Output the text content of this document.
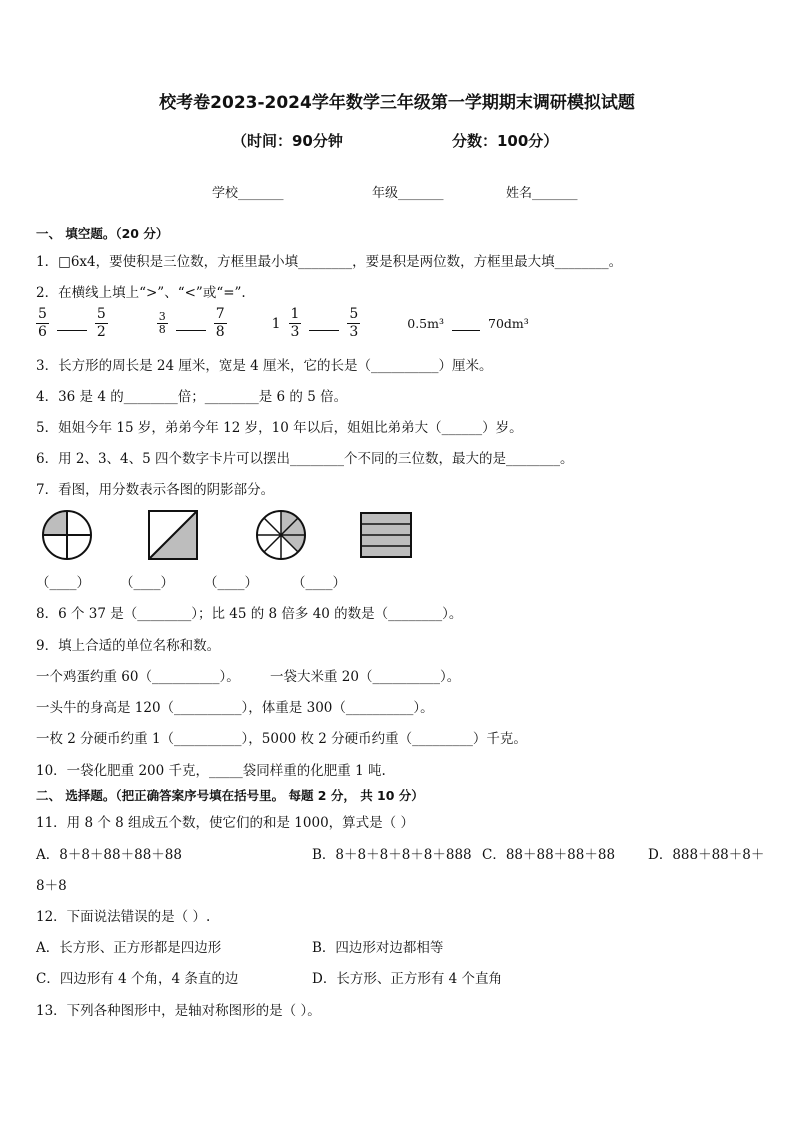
校考卷2023-2024学年数学三年级第一学期期末调研模拟试题
（时间：90分钟	分数：100分）
学校_______	年级_______	姓名_______
一、 填空题。（20 分）
1．□6x4，要使积是三位数，方框里最小填________，要是积是两位数，方框里最大填________。
2．在横线上填上“>”、“<”或“=”.
$\frac{5}{6}$	$\frac{5}{2}$
	$\frac{3}{8}$	$\frac{7}{8}$	$1 \frac{1}{3}$	$\frac{5}{3}$	0.5m³	70dm³
3．长方形的周长是 24 厘米，宽是 4 厘米，它的长是（__________）厘米。
4．36 是 4 的________倍；________是 6 的 5 倍。
5．姐姐今年 15 岁，弟弟今年 12 岁，10 年以后，姐姐比弟弟大（______）岁。
6．用 2、3、4、5 四个数字卡片可以摆出________个不同的三位数，最大的是________。
7．看图，用分数表示各图的阴影部分。
（____） （____） （____）	（____）
8．6 个 37 是（________）；比 45 的 8 倍多 40 的数是（________）。
9．填上合适的单位名称和数。
一个鸡蛋约重 60（__________）。 一袋大米重 20（__________）。
一头牛的身高是 120（__________），体重是 300（__________）。
一枚 2 分硬币约重 1（__________），5000 枚 2 分硬币约重（_________）千克。
10．一袋化肥重 200 千克，_____袋同样重的化肥重 1 吨.
二、 选择题。（把正确答案序号填在括号里。 每题 2 分， 共 10 分）
11．用 8 个 8 组成五个数，使它们的和是 1000，算式是（ ）
A．8＋8＋88＋88＋88	B．8＋8＋8＋8＋8＋888 C．88＋88＋88＋88 D．888＋88＋8＋
8＋8
12．下面说法错误的是（ ）.
A．长方形、正方形都是四边形	B．四边形对边都相等
C．四边形有 4 个角，4 条直的边	D．长方形、正方形有 4 个直角
13．下列各种图形中，是轴对称图形的是（ ）。
